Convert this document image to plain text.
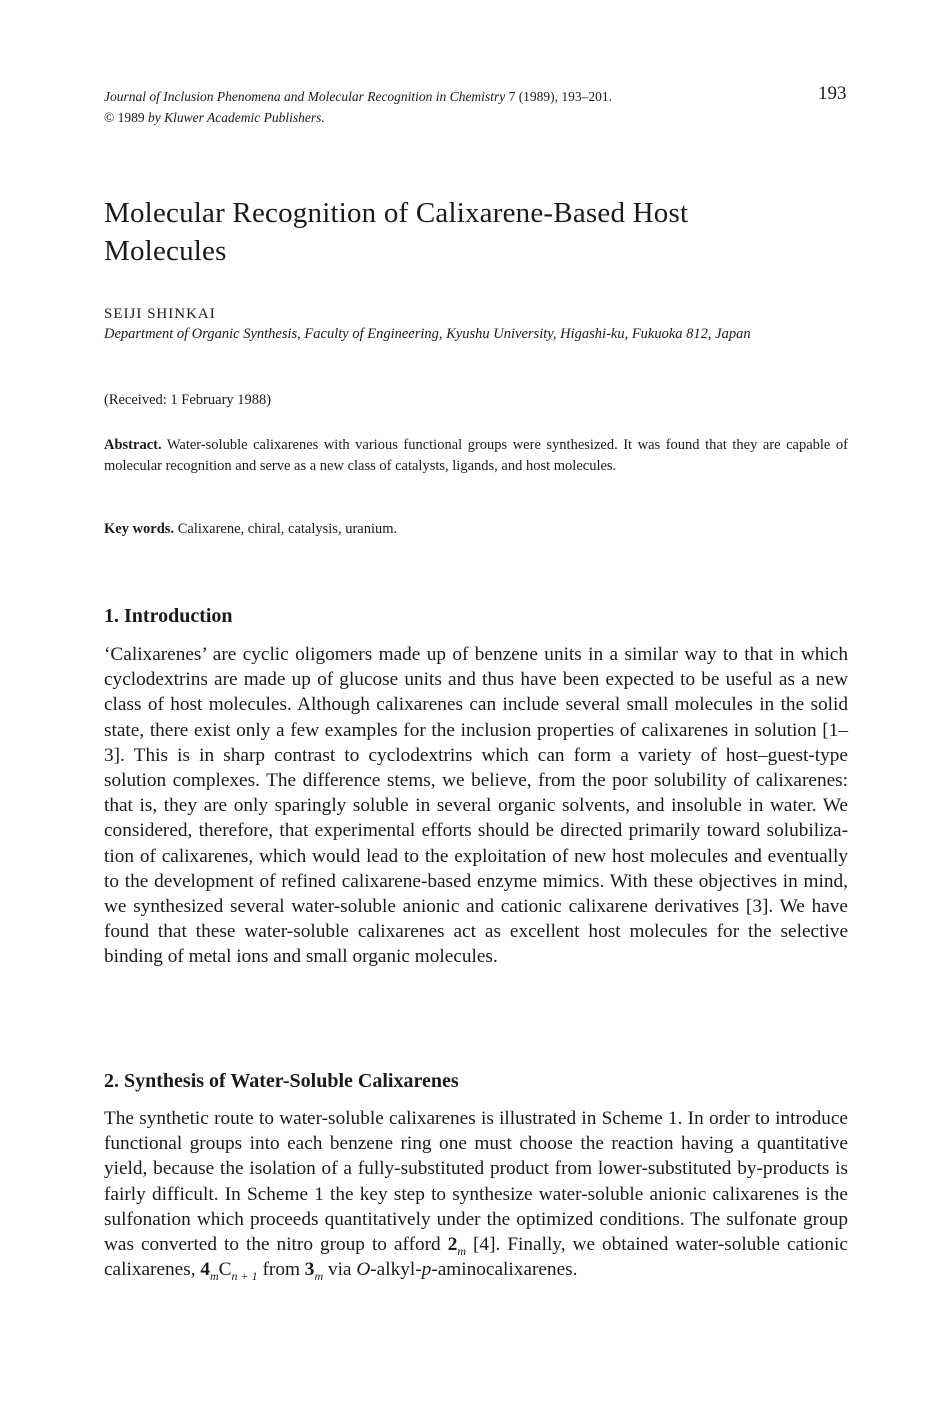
Journal of Inclusion Phenomena and Molecular Recognition in Chemistry 7 (1989), 193–201.
© 1989 by Kluwer Academic Publishers.
193
Molecular Recognition of Calixarene-Based Host Molecules
SEIJI SHINKAI
Department of Organic Synthesis, Faculty of Engineering, Kyushu University, Higashi-ku, Fukuoka 812, Japan
(Received: 1 February 1988)
Abstract. Water-soluble calixarenes with various functional groups were synthesized. It was found that they are capable of molecular recognition and serve as a new class of catalysts, ligands, and host molecules.
Key words. Calixarene, chiral, catalysis, uranium.
1. Introduction

‘Calixarenes’ are cyclic oligomers made up of benzene units in a similar way to that in which cyclodextrins are made up of glucose units and thus have been expected to be useful as a new class of host molecules. Although calixarenes can include several small molecules in the solid state, there exist only a few examples for the inclusion properties of calixarenes in solution [1–3]. This is in sharp contrast to cyclodextrins which can form a variety of host–guest-type solution complexes. The difference stems, we believe, from the poor solubility of calixarenes: that is, they are only sparingly soluble in several organic solvents, and insoluble in water. We considered, therefore, that experimental efforts should be directed primarily toward solubiliza-tion of calixarenes, which would lead to the exploitation of new host molecules and eventually to the development of refined calixarene-based enzyme mimics. With these objectives in mind, we synthesized several water-soluble anionic and cationic calixarene derivatives [3]. We have found that these water-soluble calixarenes act as excellent host molecules for the selective binding of metal ions and small organic molecules.

2. Synthesis of Water-Soluble Calixarenes

The synthetic route to water-soluble calixarenes is illustrated in Scheme 1. In order to introduce functional groups into each benzene ring one must choose the reaction having a quantitative yield, because the isolation of a fully-substituted product from lower-substituted by-products is fairly difficult. In Scheme 1 the key step to synthesize water-soluble anionic calixarenes is the sulfonation which proceeds quantitatively under the optimized conditions. The sulfonate group was converted to the nitro group to afford $2_m$ [4]. Finally, we obtained water-soluble cationic calixarenes, $4_mC_{n + 1}$ from $3_m$ via O-alkyl-p-aminocalixarenes.
